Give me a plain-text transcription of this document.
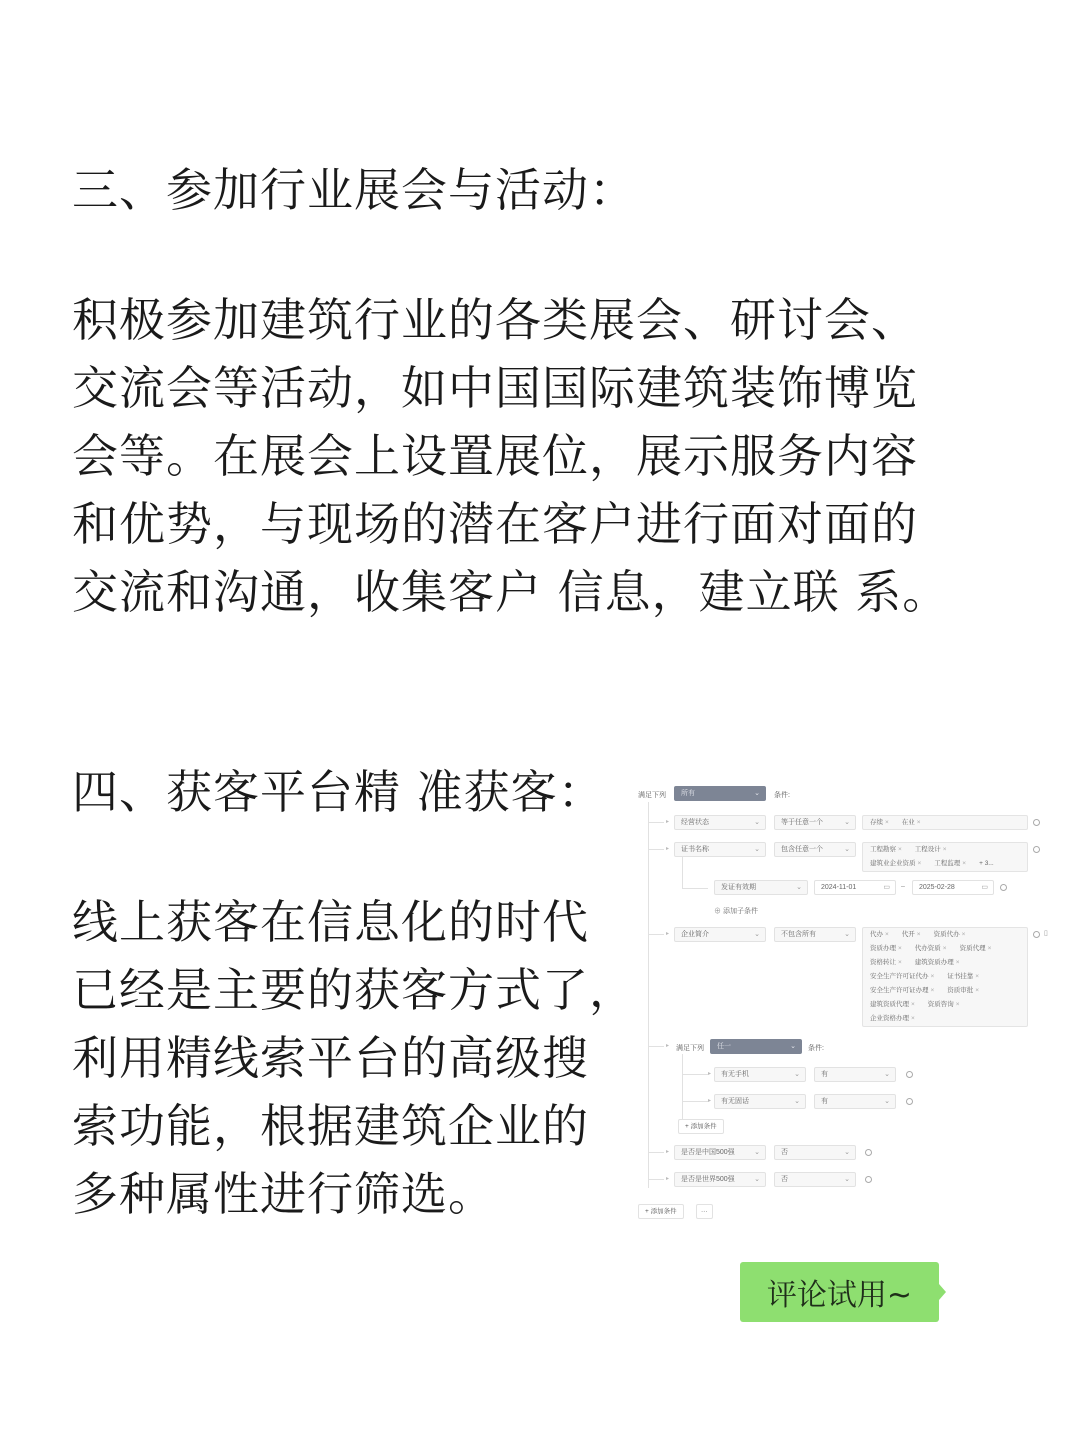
三、参加行业展会与活动：
积极参加建筑行业的各类展会、研讨会、
交流会等活动，如中国国际建筑装饰博览
会等。在展会上设置展位，展示服务内容
和优势，与现场的潜在客户进行面对面的
交流和沟通，收集客户 信息，建立联 系。
四、获客平台精 准获客：
线上获客在信息化的时代
已经是主要的获客方式了，
利用精线索平台的高级搜
索功能，根据建筑企业的
多种属性进行筛选。
满足下列	所有	⌄ 条件:
▸	经营状态	⌄	等于任意一个	⌄	存续 × 在业 ×
▸	证书名称	⌄	包含任意一个	⌄	工程勘察 × 工程设计 ×
建筑业企业资质 × 工程监理 × + 3...
发证有效期	⌄	2024-11-01	▭ –	2025-02-28	▭
⊕ 添加子条件
▸	企业简介	⌄	不包含所有	⌄	代办 × 代开 × 资质代办 ×
资质办理 × 代办资质 × 资质代理 ×
资格转让 × 建筑资质办理 ×
安全生产许可证代办 × 证书挂靠 ×
安全生产许可证办理 × 资质审批 ×
建筑资质代理 × 资质咨询 ×
企业资格办理 ×
▯
▸ 满足下列	任一	⌄ 条件:
▸	有无手机	⌄	有	⌄
▸	有无固话	⌄	有	⌄
+ 添加条件
▸	是否是中国500强	⌄	否	⌄
▸	是否是世界500强	⌄	否	⌄
+ 添加条件	···
评论试用~
